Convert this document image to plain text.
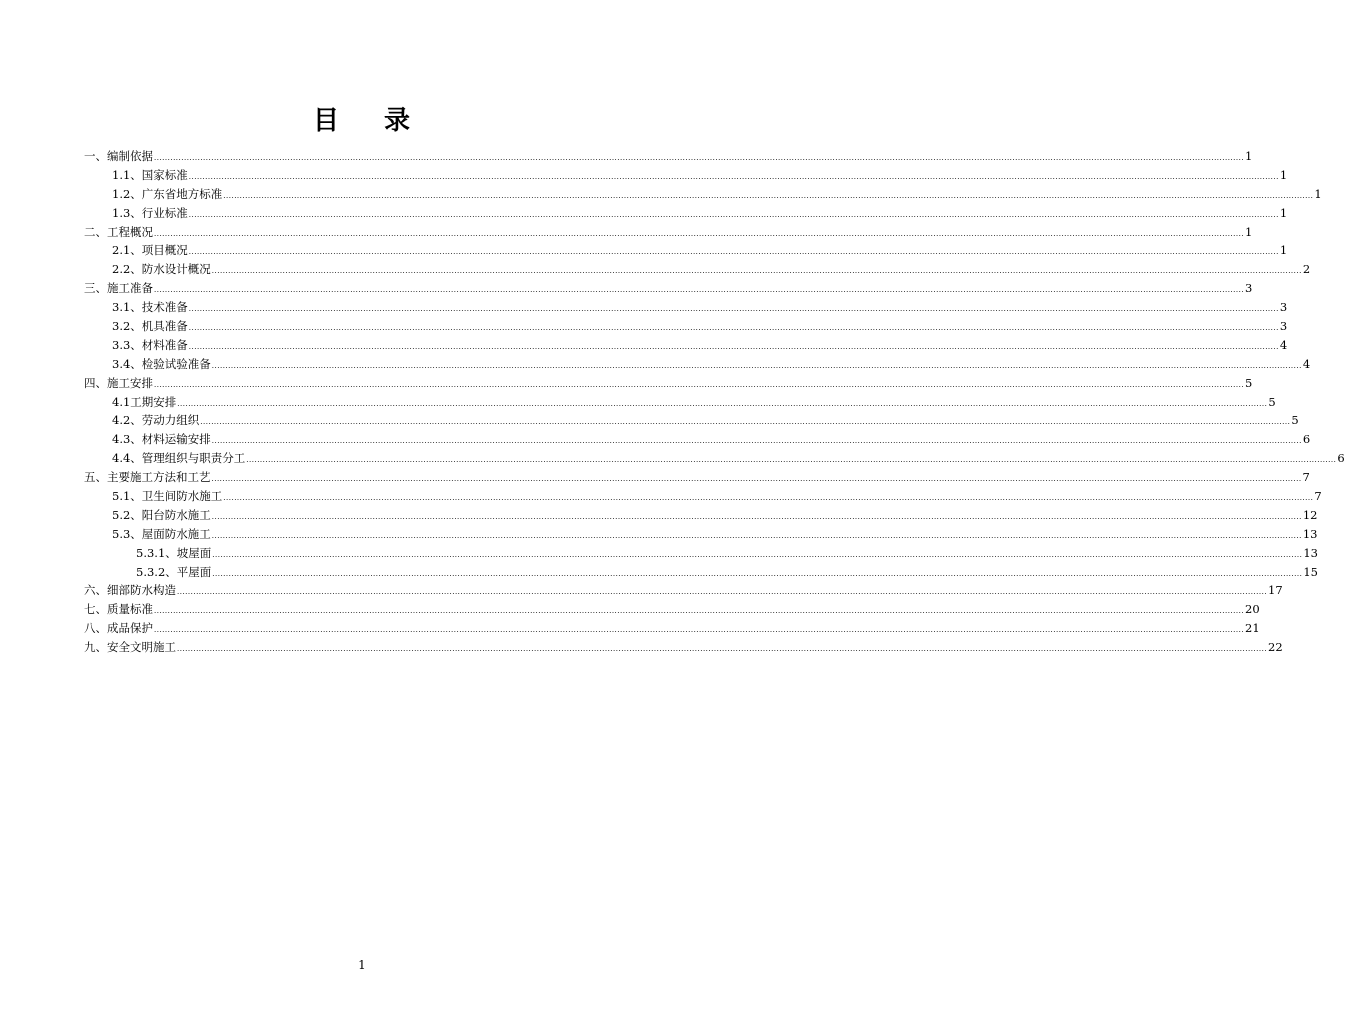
目 录
一、编制依据 ................................................................................................................................................................................................................................................................................................................................................................................................................ 1
1.1、国家标准 ................................................................................................................................................................................................................................................................................................................................................................................................................ 1
1.2、广东省地方标准 ................................................................................................................................................................................................................................................................................................................................................................................................................ 1
1.3、行业标准 ................................................................................................................................................................................................................................................................................................................................................................................................................ 1
二、工程概况 ................................................................................................................................................................................................................................................................................................................................................................................................................ 1
2.1、项目概况 ................................................................................................................................................................................................................................................................................................................................................................................................................ 1
2.2、防水设计概况 ................................................................................................................................................................................................................................................................................................................................................................................................................ 2
三、施工准备 ................................................................................................................................................................................................................................................................................................................................................................................................................ 3
3.1、技术准备 ................................................................................................................................................................................................................................................................................................................................................................................................................ 3
3.2、机具准备 ................................................................................................................................................................................................................................................................................................................................................................................................................ 3
3.3、材料准备 ................................................................................................................................................................................................................................................................................................................................................................................................................ 4
3.4、检验试验准备 ................................................................................................................................................................................................................................................................................................................................................................................................................ 4
四、施工安排 ................................................................................................................................................................................................................................................................................................................................................................................................................ 5
4.1工期安排 ................................................................................................................................................................................................................................................................................................................................................................................................................ 5
4.2、劳动力组织 ................................................................................................................................................................................................................................................................................................................................................................................................................ 5
4.3、材料运输安排 ................................................................................................................................................................................................................................................................................................................................................................................................................ 6
4.4、管理组织与职责分工 ................................................................................................................................................................................................................................................................................................................................................................................................................ 6
五、主要施工方法和工艺 ................................................................................................................................................................................................................................................................................................................................................................................................................ 7
5.1、卫生间防水施工 ................................................................................................................................................................................................................................................................................................................................................................................................................ 7
5.2、阳台防水施工 ................................................................................................................................................................................................................................................................................................................................................................................................................ 12
5.3、屋面防水施工 ................................................................................................................................................................................................................................................................................................................................................................................................................ 13
5.3.1、坡屋面 ................................................................................................................................................................................................................................................................................................................................................................................................................ 13
5.3.2、平屋面 ................................................................................................................................................................................................................................................................................................................................................................................................................ 15
六、细部防水构造 ................................................................................................................................................................................................................................................................................................................................................................................................................ 17
七、质量标准 ................................................................................................................................................................................................................................................................................................................................................................................................................ 20
八、成品保护 ................................................................................................................................................................................................................................................................................................................................................................................................................ 21
九、安全文明施工 ................................................................................................................................................................................................................................................................................................................................................................................................................ 22
1
